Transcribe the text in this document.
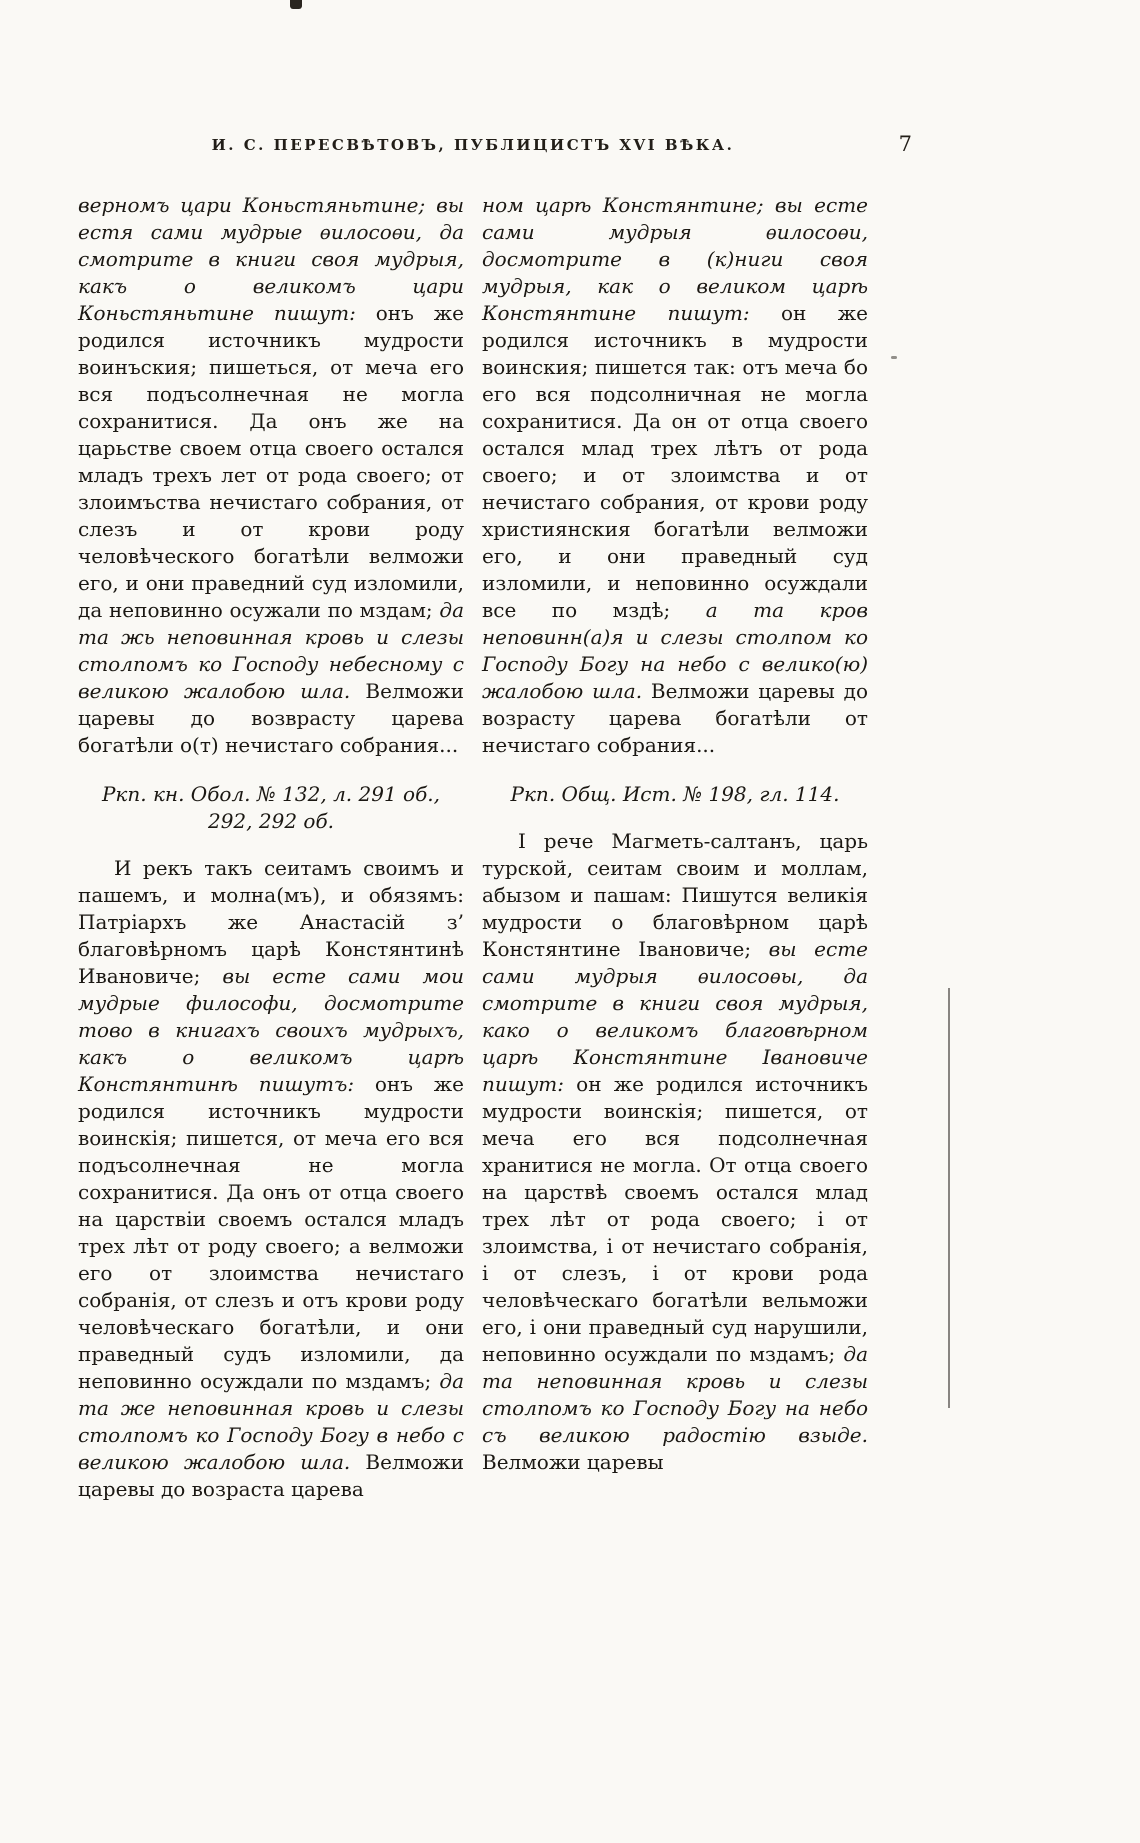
И. С. ПЕРЕСВѢТОВЪ, ПУБЛИЦИСТЪ XVI ВѢКА.	7

верномъ цари Коньстяньтине; вы естя сами мудрые ѳилосоѳи, да смотрите в книги своя мудрыя, какъ о великомъ цари Коньстяньтине пишут: онъ же родился источникъ мудрости воинъския; пишеться, от меча его вся подъсолнечная не могла сохранитися. Да онъ же на царьстве своем отца своего остался младъ трехъ лет от рода своего; от злоимъства нечистаго собрания, от слезъ и от крови роду человѣческого богатѣли велможи его, и они праведний суд изломили, да неповинно осужали по мздам; да та жь неповинная кровь и слезы столпомъ ко Господу небесному с великою жалобою шла. Велможи царевы до возврасту царева богатѣли о(т) нечистаго собрания...

Ркп. кн. Обол. № 132, л. 291 об., 292, 292 об.

И рекъ такъ сеитамъ своимъ и пашемъ, и молна(мъ), и обязямъ: Патріархъ же Анастасій з’ благовѣрномъ царѣ Констянтинѣ Ивановиче; вы есте сами мои мудрые философи, досмотрите тово в книгахъ своихъ мудрыхъ, какъ о великомъ царѣ Констянтинѣ пишутъ: онъ же родился источникъ мудрости воинскія; пишется, от меча его вся подъсолнечная не могла сохранитися. Да онъ от отца своего на царствіи своемъ остался младъ трех лѣт от роду своего; а велможи его от злоимства нечистаго собранія, от слезъ и отъ крови роду человѣческаго богатѣли, и они праведный судъ изломили, да неповинно осуждали по мздамъ; да та же неповинная кровь и слезы столпомъ ко Господу Богу в небо с великою жалобою шла. Велможи царевы до возраста царева

ном царѣ Констянтине; вы есте сами мудрыя ѳилосоѳи, досмотрите в (к)ниги своя мудрыя, как о великом царѣ Констянтине пишут: он же родился источникъ в мудрости воинския; пишется так: отъ меча бо его вся подсолничная не могла сохранитися. Да он от отца своего остался млад трех лѣтъ от рода своего; и от злоимства и от нечистаго собрания, от крови роду християнския богатѣли велможи его, и они праведный суд изломили, и неповинно осуждали все по мздѣ; а та кров неповинн(а)я и слезы столпом ко Господу Богу на небо с велико(ю) жалобою шла. Велможи царевы до возрасту царева богатѣли от нечистаго собрания...

Ркп. Общ. Ист. № 198, гл. 114.

І рече Магметь-салтанъ, царь турской, сеитам своим и моллам, абызом и пашам: Пишутся великія мудрости о благовѣрном царѣ Констянтине Івановиче; вы есте сами мудрыя ѳилосоѳы, да смотрите в книги своя мудрыя, како о великомъ благовѣрном царѣ Констянтине Івановиче пишут: он же родился источникъ мудрости воинскія; пишется, от меча его вся подсолнечная хранитися не могла. От отца своего на царствѣ своемъ остался млад трех лѣт от рода своего; і от злоимства, і от нечистаго собранія, і от слезъ, і от крови рода человѣческаго богатѣли вельможи его, і они праведный суд нарушили, неповинно осуждали по мздамъ; да та неповинная кровь и слезы столпомъ ко Господу Богу на небо съ великою радостію взыде. Велможи царевы
